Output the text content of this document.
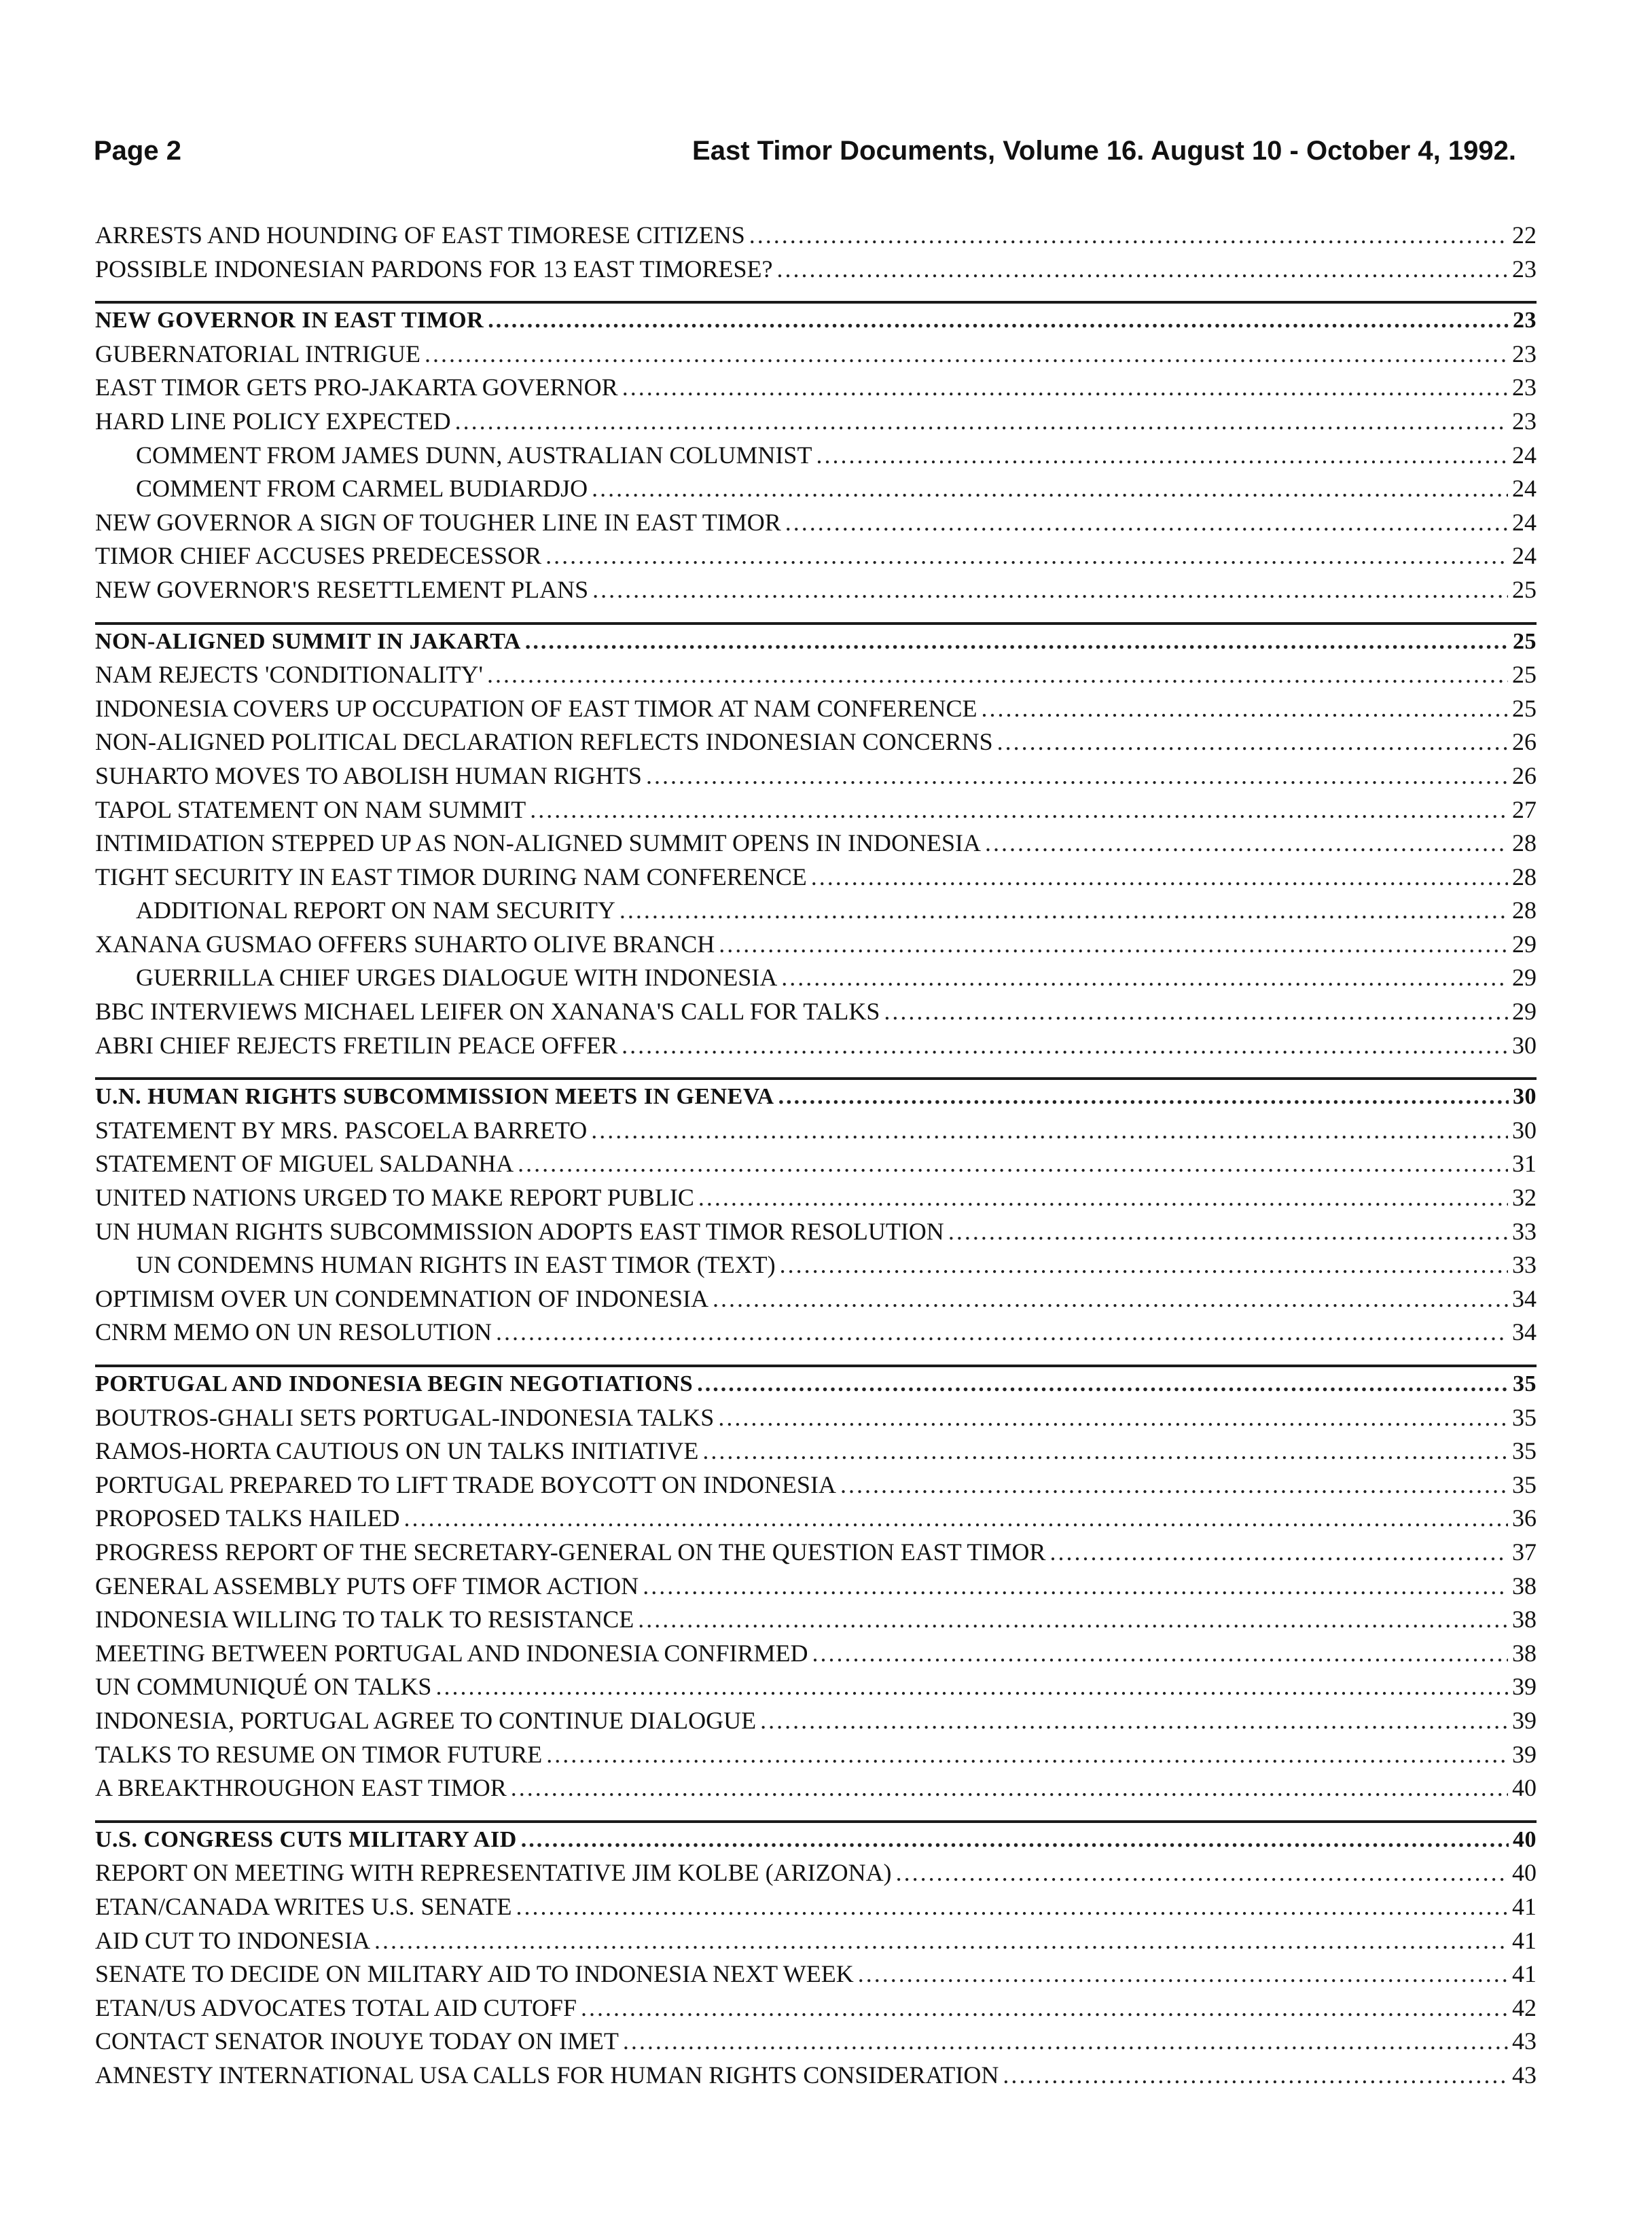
Page 2	East Timor Documents, Volume 16. August 10 - October 4, 1992.
ARRESTS AND HOUNDING OF EAST TIMORESE CITIZENS .....	22
POSSIBLE INDONESIAN PARDONS FOR 13 EAST TIMORESE? .....	23
NEW GOVERNOR IN EAST TIMOR .....	23
GUBERNATORIAL INTRIGUE .....	23
EAST TIMOR GETS PRO-JAKARTA GOVERNOR .....	23
HARD LINE POLICY EXPECTED .....	23
COMMENT FROM JAMES DUNN, AUSTRALIAN COLUMNIST .....	24
COMMENT FROM CARMEL BUDIARDJO .....	24
NEW GOVERNOR A SIGN OF TOUGHER LINE IN EAST TIMOR .....	24
TIMOR CHIEF ACCUSES PREDECESSOR .....	24
NEW GOVERNOR'S RESETTLEMENT PLANS .....	25
NON-ALIGNED SUMMIT IN JAKARTA .....	25
NAM REJECTS 'CONDITIONALITY' .....	25
INDONESIA COVERS UP OCCUPATION OF EAST TIMOR AT NAM CONFERENCE .....	25
NON-ALIGNED POLITICAL DECLARATION REFLECTS INDONESIAN CONCERNS .....	26
SUHARTO MOVES TO ABOLISH HUMAN RIGHTS .....	26
TAPOL STATEMENT ON NAM SUMMIT .....	27
INTIMIDATION STEPPED UP AS NON-ALIGNED SUMMIT OPENS IN INDONESIA .....	28
TIGHT SECURITY IN EAST TIMOR DURING NAM CONFERENCE .....	28
ADDITIONAL REPORT ON NAM SECURITY .....	28
XANANA GUSMAO OFFERS SUHARTO OLIVE BRANCH .....	29
GUERRILLA CHIEF URGES DIALOGUE WITH INDONESIA .....	29
BBC INTERVIEWS MICHAEL LEIFER ON XANANA'S CALL FOR TALKS .....	29
ABRI CHIEF REJECTS FRETILIN PEACE OFFER .....	30
U.N. HUMAN RIGHTS SUBCOMMISSION MEETS IN GENEVA .....	30
STATEMENT BY MRS. PASCOELA BARRETO .....	30
STATEMENT OF MIGUEL SALDANHA .....	31
UNITED NATIONS URGED TO MAKE REPORT PUBLIC .....	32
UN HUMAN RIGHTS SUBCOMMISSION ADOPTS EAST TIMOR RESOLUTION .....	33
UN CONDEMNS HUMAN RIGHTS IN EAST TIMOR (TEXT) .....	33
OPTIMISM OVER UN CONDEMNATION OF INDONESIA .....	34
CNRM MEMO ON UN RESOLUTION .....	34
PORTUGAL AND INDONESIA BEGIN NEGOTIATIONS .....	35
BOUTROS-GHALI SETS PORTUGAL-INDONESIA TALKS .....	35
RAMOS-HORTA CAUTIOUS ON UN TALKS INITIATIVE .....	35
PORTUGAL PREPARED TO LIFT TRADE BOYCOTT ON INDONESIA .....	35
PROPOSED TALKS HAILED .....	36
PROGRESS REPORT OF THE SECRETARY-GENERAL ON THE QUESTION EAST TIMOR .....	37
GENERAL ASSEMBLY PUTS OFF TIMOR ACTION .....	38
INDONESIA WILLING TO TALK TO RESISTANCE .....	38
MEETING BETWEEN PORTUGAL AND INDONESIA CONFIRMED .....	38
UN COMMUNIQUÉ ON TALKS .....	39
INDONESIA, PORTUGAL AGREE TO CONTINUE DIALOGUE .....	39
TALKS TO RESUME ON TIMOR FUTURE .....	39
A BREAKTHROUGHON EAST TIMOR .....	40
U.S. CONGRESS CUTS MILITARY AID .....	40
REPORT ON MEETING WITH REPRESENTATIVE JIM KOLBE (ARIZONA) .....	40
ETAN/CANADA WRITES U.S. SENATE .....	41
AID CUT TO INDONESIA .....	41
SENATE TO DECIDE ON MILITARY AID TO INDONESIA NEXT WEEK .....	41
ETAN/US ADVOCATES TOTAL AID CUTOFF .....	42
CONTACT SENATOR INOUYE TODAY ON IMET .....	43
AMNESTY INTERNATIONAL USA CALLS FOR HUMAN RIGHTS CONSIDERATION .....	43
